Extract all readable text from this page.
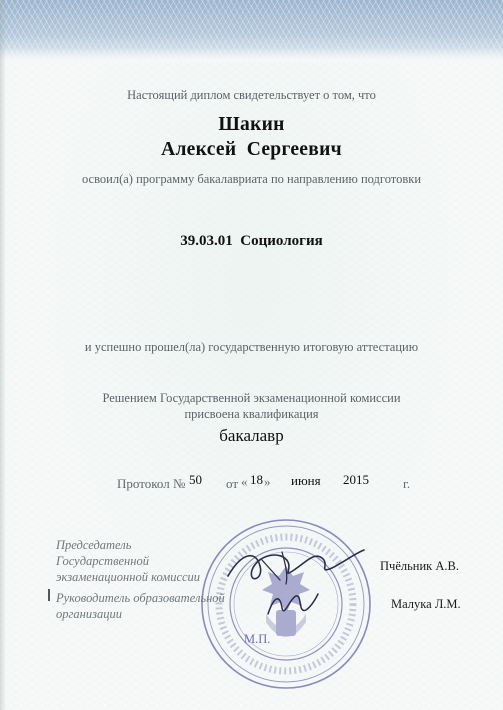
Настоящий диплом свидетельствует о том, что
Шакин
Алексей  Сергеевич
освоил(а) программу бакалавриата по направлению подготовки
39.03.01 Социология
и успешно прошел(ла) государственную итоговую аттестацию
Решением Государственной экзаменационной комиссии
присвоена квалификация
бакалавр
Протокол № 50 от « 18 » июня 2015	г.
Председатель
Государственной
экзаменационной комиссии
Пчёльник А.В.
Руководитель образовательной
организации
Малука Л.М.
М.П.
